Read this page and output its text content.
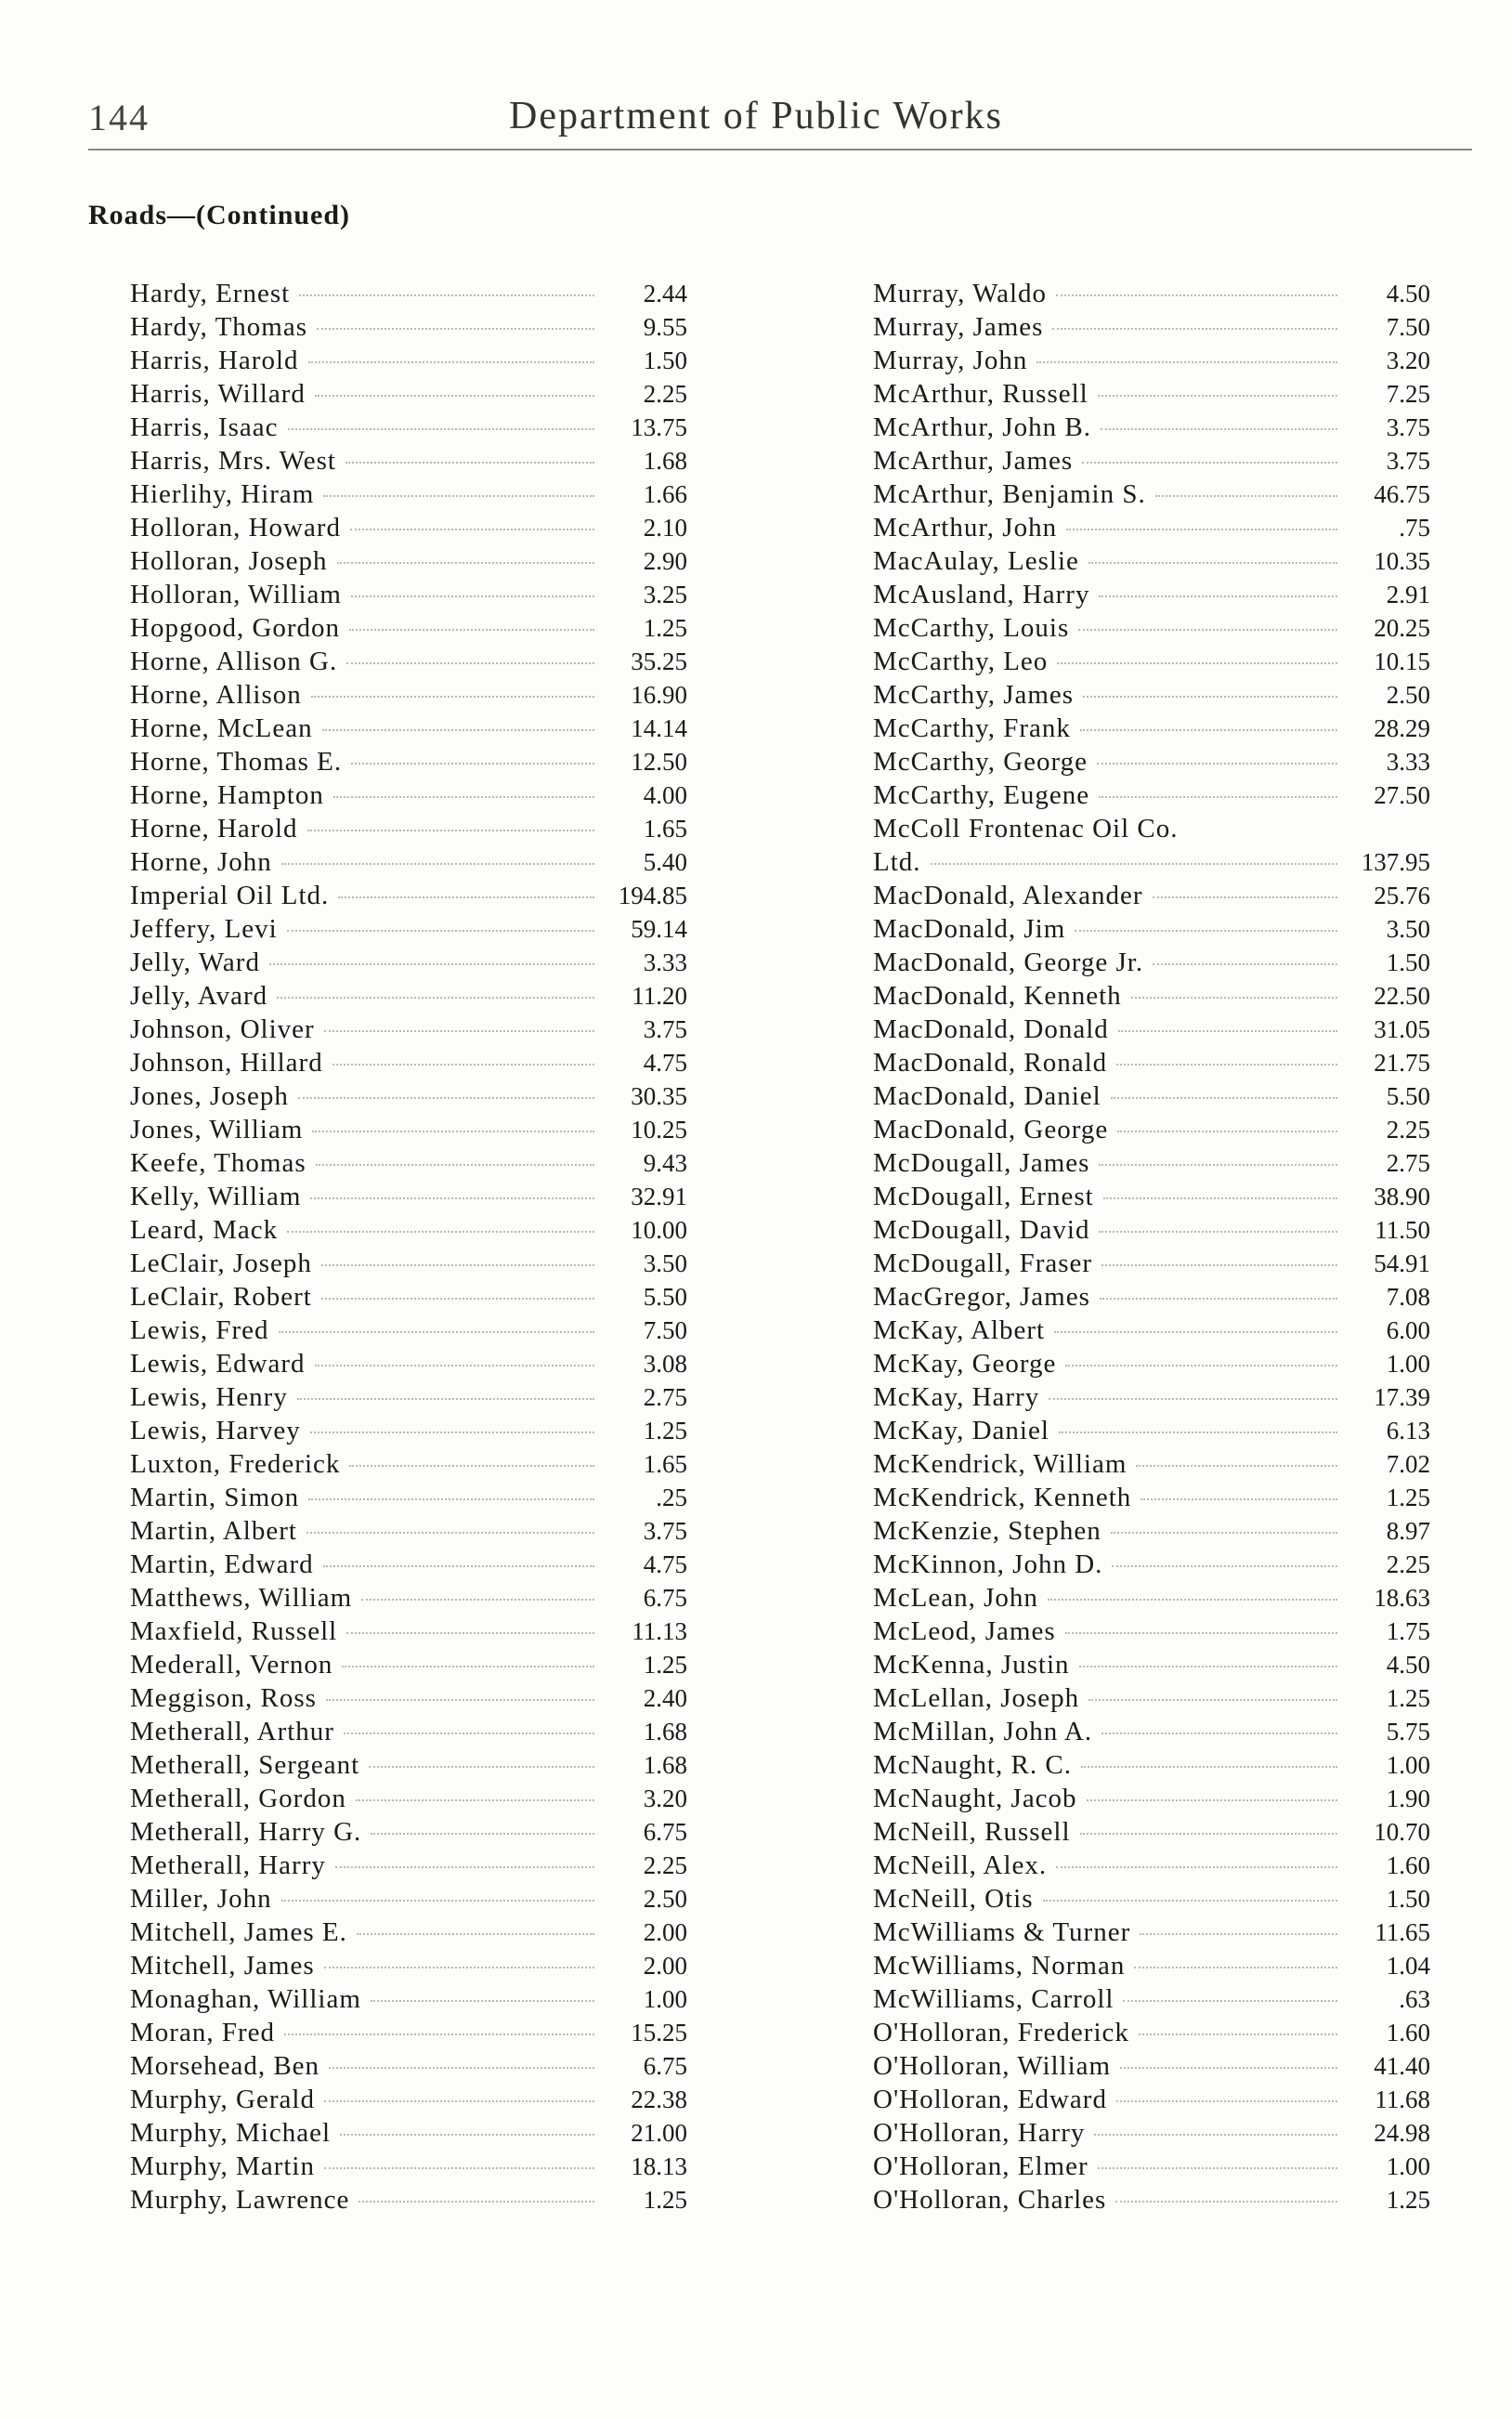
144	Department of Public Works
Roads—(Continued)
Hardy, Ernest	2.44
Hardy, Thomas	9.55
Harris, Harold	1.50
Harris, Willard	2.25
Harris, Isaac	13.75
Harris, Mrs. West	1.68
Hierlihy, Hiram	1.66
Holloran, Howard	2.10
Holloran, Joseph	2.90
Holloran, William	3.25
Hopgood, Gordon	1.25
Horne, Allison G.	35.25
Horne, Allison	16.90
Horne, McLean	14.14
Horne, Thomas E.	12.50
Horne, Hampton	4.00
Horne, Harold	1.65
Horne, John	5.40
Imperial Oil Ltd.	194.85
Jeffery, Levi	59.14
Jelly, Ward	3.33
Jelly, Avard	11.20
Johnson, Oliver	3.75
Johnson, Hillard	4.75
Jones, Joseph	30.35
Jones, William	10.25
Keefe, Thomas	9.43
Kelly, William	32.91
Leard, Mack	10.00
LeClair, Joseph	3.50
LeClair, Robert	5.50
Lewis, Fred	7.50
Lewis, Edward	3.08
Lewis, Henry	2.75
Lewis, Harvey	1.25
Luxton, Frederick	1.65
Martin, Simon	.25
Martin, Albert	3.75
Martin, Edward	4.75
Matthews, William	6.75
Maxfield, Russell	11.13
Mederall, Vernon	1.25
Meggison, Ross	2.40
Metherall, Arthur	1.68
Metherall, Sergeant	1.68
Metherall, Gordon	3.20
Metherall, Harry G.	6.75
Metherall, Harry	2.25
Miller, John	2.50
Mitchell, James E.	2.00
Mitchell, James	2.00
Monaghan, William	1.00
Moran, Fred	15.25
Morsehead, Ben	6.75
Murphy, Gerald	22.38
Murphy, Michael	21.00
Murphy, Martin	18.13
Murphy, Lawrence	1.25
Murray, Waldo	4.50
Murray, James	7.50
Murray, John	3.20
McArthur, Russell	7.25
McArthur, John B.	3.75
McArthur, James	3.75
McArthur, Benjamin S.	46.75
McArthur, John	.75
MacAulay, Leslie	10.35
McAusland, Harry	2.91
McCarthy, Louis	20.25
McCarthy, Leo	10.15
McCarthy, James	2.50
McCarthy, Frank	28.29
McCarthy, George	3.33
McCarthy, Eugene	27.50
McColl Frontenac Oil Co.
Ltd.	137.95
MacDonald, Alexander	25.76
MacDonald, Jim	3.50
MacDonald, George Jr.	1.50
MacDonald, Kenneth	22.50
MacDonald, Donald	31.05
MacDonald, Ronald	21.75
MacDonald, Daniel	5.50
MacDonald, George	2.25
McDougall, James	2.75
McDougall, Ernest	38.90
McDougall, David	11.50
McDougall, Fraser	54.91
MacGregor, James	7.08
McKay, Albert	6.00
McKay, George	1.00
McKay, Harry	17.39
McKay, Daniel	6.13
McKendrick, William	7.02
McKendrick, Kenneth	1.25
McKenzie, Stephen	8.97
McKinnon, John D.	2.25
McLean, John	18.63
McLeod, James	1.75
McKenna, Justin	4.50
McLellan, Joseph	1.25
McMillan, John A.	5.75
McNaught, R. C.	1.00
McNaught, Jacob	1.90
McNeill, Russell	10.70
McNeill, Alex.	1.60
McNeill, Otis	1.50
McWilliams & Turner	11.65
McWilliams, Norman	1.04
McWilliams, Carroll	.63
O'Holloran, Frederick	1.60
O'Holloran, William	41.40
O'Holloran, Edward	11.68
O'Holloran, Harry	24.98
O'Holloran, Elmer	1.00
O'Holloran, Charles	1.25
